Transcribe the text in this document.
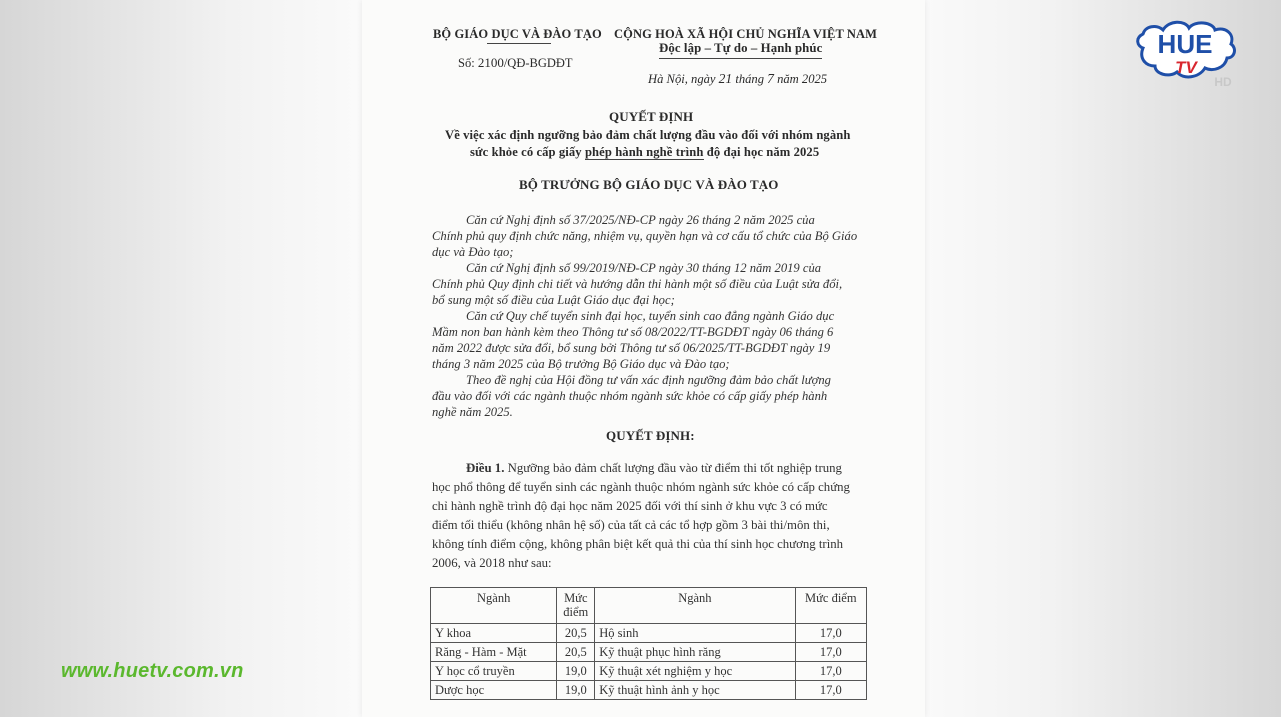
BỘ GIÁO DỤC VÀ ĐÀO TẠO
Số: 2100/QĐ-BGDĐT
CỘNG HOÀ XÃ HỘI CHỦ NGHĨA VIỆT NAM
Độc lập – Tự do – Hạnh phúc
Hà Nội, ngày 21 tháng 7 năm 2025
QUYẾT ĐỊNH
Về việc xác định ngưỡng bảo đảm chất lượng đầu vào đối với nhóm ngành
sức khỏe có cấp giấy phép hành nghề trình độ đại học năm 2025
BỘ TRƯỞNG BỘ GIÁO DỤC VÀ ĐÀO TẠO
Căn cứ Nghị định số 37/2025/NĐ-CP ngày 26 tháng 2 năm 2025 của
Chính phủ quy định chức năng, nhiệm vụ, quyền hạn và cơ cấu tổ chức của Bộ Giáo
dục và Đào tạo;
Căn cứ Nghị định số 99/2019/NĐ-CP ngày 30 tháng 12 năm 2019 của
Chính phủ Quy định chi tiết và hướng dẫn thi hành một số điều của Luật sửa đổi,
bổ sung một số điều của Luật Giáo dục đại học;
Căn cứ Quy chế tuyển sinh đại học, tuyển sinh cao đẳng ngành Giáo dục
Mầm non ban hành kèm theo Thông tư số 08/2022/TT-BGDĐT ngày 06 tháng 6
năm 2022 được sửa đổi, bổ sung bởi Thông tư số 06/2025/TT-BGDĐT ngày 19
tháng 3 năm 2025 của Bộ trưởng Bộ Giáo dục và Đào tạo;
Theo đề nghị của Hội đồng tư vấn xác định ngưỡng đảm bảo chất lượng
đầu vào đối với các ngành thuộc nhóm ngành sức khỏe có cấp giấy phép hành
nghề năm 2025.
QUYẾT ĐỊNH:
Điều 1. Ngưỡng bảo đảm chất lượng đầu vào từ điểm thi tốt nghiệp trung
học phổ thông để tuyển sinh các ngành thuộc nhóm ngành sức khỏe có cấp chứng
chỉ hành nghề trình độ đại học năm 2025 đối với thí sinh ở khu vực 3 có mức
điểm tối thiểu (không nhân hệ số) của tất cả các tổ hợp gồm 3 bài thi/môn thi,
không tính điểm cộng, không phân biệt kết quả thi của thí sinh học chương trình
2006, và 2018 như sau:
Ngành	Mức điểm	Ngành	Mức điểm
Y khoa	20,5	Hộ sinh	17,0
Răng - Hàm - Mặt	20,5	Kỹ thuật phục hình răng	17,0
Y học cổ truyền	19,0	Kỹ thuật xét nghiệm y học	17,0
Dược học	19,0	Kỹ thuật hình ảnh y học	17,0
HUE
TV
HD
www.huetv.com.vn
